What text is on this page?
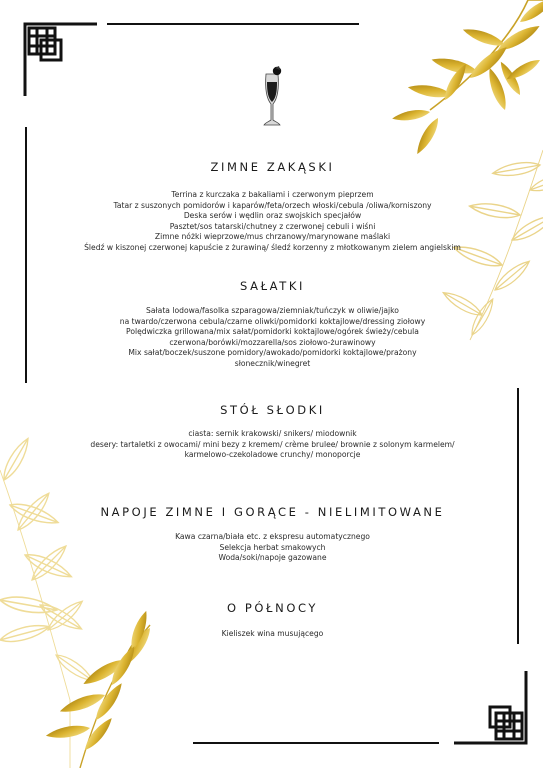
ZIMNE ZAKĄSKI
Terrina z kurczaka z bakaliami i czerwonym pieprzem
Tatar z suszonych pomidorów i kaparów/feta/orzech włoski/cebula /oliwa/korniszony
Deska serów i wędlin oraz swojskich specjałów
Pasztet/sos tatarski/chutney z czerwonej cebuli i wiśni
Zimne nóżki wieprzowe/mus chrzanowy/marynowane maślaki
Śledź w kiszonej czerwonej kapuście z żurawiną/ śledź korzenny z młotkowanym zielem angielskim
SAŁATKI
Sałata lodowa/fasolka szparagowa/ziemniak/tuńczyk w oliwie/jajko
na twardo/czerwona cebula/czarne oliwki/pomidorki koktajlowe/dressing ziołowy
Polędwiczka grillowana/mix sałat/pomidorki koktajlowe/ogórek świeży/cebula
czerwona/borówki/mozzarella/sos ziołowo-żurawinowy
Mix sałat/boczek/suszone pomidory/awokado/pomidorki koktajlowe/prażony
słonecznik/winegret
STÓŁ SŁODKI
ciasta: sernik krakowski/ snikers/ miodownik
desery: tartaletki z owocami/ mini bezy z kremem/ crème brulee/ brownie z solonym karmelem/
karmelowo-czekoladowe crunchy/ monoporcje
NAPOJE ZIMNE I GORĄCE - NIELIMITOWANE
Kawa czarna/biała etc. z ekspresu automatycznego
Selekcja herbat smakowych
Woda/soki/napoje gazowane
O PÓŁNOCY
Kieliszek wina musującego
